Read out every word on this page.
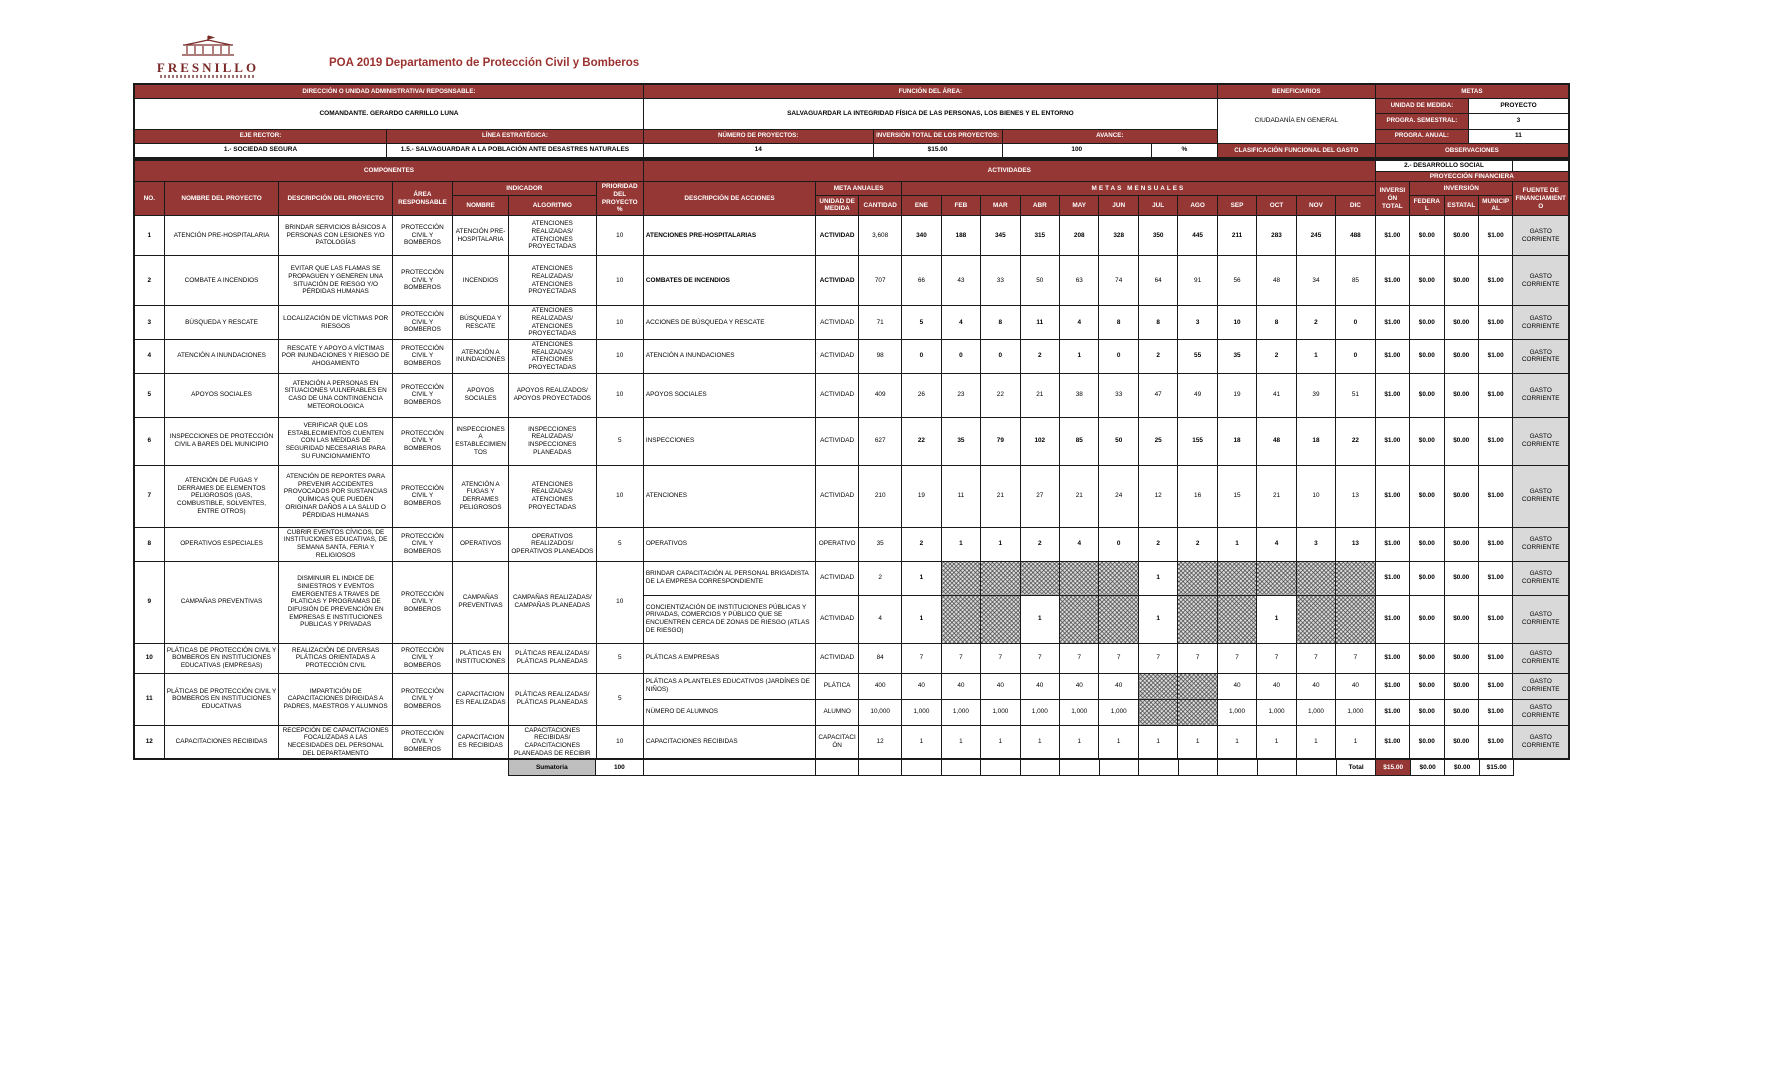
FRESNILLO	POA 2019 Departamento de Protección Civil y Bomberos
DIRECCIÓN O UNIDAD ADMINISTRATIVA/ REPOSNSABLE:		FUNCIÓN DEL ÁREA:				BENEFICIARIOS	METAS	
COMANDANTE. GERARDO CARRILLO LUNA		SALVAGUARDAR LA INTEGRIDAD FÍSICA DE LAS PERSONAS, LOS BIENES Y EL ENTORNO				CIUDADANÍA EN GENERAL	UNIDAD DE MEDIDA:	PROYECTO
							PROGRA. SEMESTRAL:	3
EJE RECTOR:	LÍNEA ESTRATÉGICA:	NÚMERO DE PROYECTOS:	INVERSIÓN TOTAL DE LOS PROYECTOS:	AVANCE:			PROGRA. ANUAL:	11
1.- SOCIEDAD SEGURA	1.5.- SALVAGUARDAR A LA POBLACIÓN ANTE DESASTRES NATURALES	14	$15.00	100	%	CLASIFICACIÓN FUNCIONAL DEL GASTO	OBSERVACIONES	
COMPONENTES							ACTIVIDADES															2.- DESARROLLO SOCIAL				
																						PROYECCIÓN FINANCIERA				
NO.	NOMBRE DEL PROYECTO	DESCRIPCIÓN DEL PROYECTO	ÁREA RESPONSABLE	INDICADOR		PRIORIDAD DEL PROYECTO %	DESCRIPCIÓN DE ACCIONES	META ANUALES		METAS MENSUALES												INVERSIÓN TOTAL	INVERSIÓN			FUENTE DE FINANCIAMIENTO
				NOMBRE	ALGORITMO			UNIDAD DE MEDIDA	CANTIDAD	ENE	FEB	MAR	ABR	MAY	JUN	JUL	AGO	SEP	OCT	NOV	DIC		FEDERAL	ESTATAL	MUNICIPAL	
1	ATENCIÓN PRE-HOSPITALARIA	BRINDAR SERVICIOS BÁSICOS A PERSONAS CON LESIONES Y/O PATOLOGÍAS	PROTECCIÓN CIVIL Y BOMBEROS	ATENCIÓN PRE-HOSPITALARIA	ATENCIONES REALIZADAS/ ATENCIONES PROYECTADAS	10	ATENCIONES PRE-HOSPITALARIAS	ACTIVIDAD	3,608	340	188	345	315	208	328	350	445	211	283	245	488	$1.00	$0.00	$0.00	$1.00	GASTO CORRIENTE
2	COMBATE A INCENDIOS	EVITAR QUE LAS FLAMAS SE PROPAGUEN Y GENEREN UNA SITUACIÓN DE RIESGO Y/O PÉRDIDAS HUMANAS	PROTECCIÓN CIVIL Y BOMBEROS	INCENDIOS	ATENCIONES REALIZADAS/ ATENCIONES PROYECTADAS	10	COMBATES DE INCENDIOS	ACTIVIDAD	707	66	43	33	50	63	74	64	91	56	48	34	85	$1.00	$0.00	$0.00	$1.00	GASTO CORRIENTE
3	BÚSQUEDA Y RESCATE	LOCALIZACIÓN DE VÍCTIMAS POR RIESGOS	PROTECCIÓN CIVIL Y BOMBEROS	BÚSQUEDA Y RESCATE	ATENCIONES REALIZADAS/ ATENCIONES PROYECTADAS	10	ACCIONES DE BÚSQUEDA Y RESCATE	ACTIVIDAD	71	5	4	8	11	4	8	8	3	10	8	2	0	$1.00	$0.00	$0.00	$1.00	GASTO CORRIENTE
4	ATENCIÓN A INUNDACIONES	RESCATE Y APOYO A VÍCTIMAS POR INUNDACIONES Y RIESGO DE AHOGAMIENTO	PROTECCIÓN CIVIL Y BOMBEROS	ATENCIÓN A INUNDACIONES	ATENCIONES REALIZADAS/ ATENCIONES PROYECTADAS	10	ATENCIÓN A INUNDACIONES	ACTIVIDAD	98	0	0	0	2	1	0	2	55	35	2	1	0	$1.00	$0.00	$0.00	$1.00	GASTO CORRIENTE
5	APOYOS SOCIALES	ATENCIÓN A PERSONAS EN SITUACIONES VULNERABLES EN CASO DE UNA CONTINGENCIA METEOROLOGICA	PROTECCIÓN CIVIL Y BOMBEROS	APOYOS SOCIALES	APOYOS REALIZADOS/ APOYOS PROYECTADOS	10	APOYOS SOCIALES	ACTIVIDAD	409	26	23	22	21	38	33	47	49	19	41	39	51	$1.00	$0.00	$0.00	$1.00	GASTO CORRIENTE
6	INSPECCIONES DE PROTECCIÓN CIVIL A BARES DEL MUNICIPIO	VERIFICAR QUE LOS ESTABLECIMIENTOS CUENTEN CON LAS MEDIDAS DE SEGURIDAD NECESARIAS PARA SU FUNCIONAMIENTO	PROTECCIÓN CIVIL Y BOMBEROS	INSPECCIONES A ESTABLECIMIENTOS	INSPECCIONES REALIZADAS/ INSPECCIONES PLANEADAS	5	INSPECCIONES	ACTIVIDAD	627	22	35	79	102	85	50	25	155	18	48	18	22	$1.00	$0.00	$0.00	$1.00	GASTO CORRIENTE
7	ATENCIÓN DE FUGAS Y DERRAMES DE ELEMENTOS PELIGROSOS (GAS, COMBUSTIBLE, SOLVENTES, ENTRE OTROS)	ATENCIÓN DE REPORTES PARA PREVENIR ACCIDENTES PROVOCADOS POR SUSTANCIAS QUÍMICAS QUE PUEDEN ORIGINAR DAÑOS A LA SALUD O PÉRDIDAS HUMANAS	PROTECCIÓN CIVIL Y BOMBEROS	ATENCIÓN A FUGAS Y DERRAMES PELIGROSOS	ATENCIONES REALIZADAS/ ATENCIONES PROYECTADAS	10	ATENCIONES	ACTIVIDAD	210	19	11	21	27	21	24	12	16	15	21	10	13	$1.00	$0.00	$0.00	$1.00	GASTO CORRIENTE
8	OPERATIVOS ESPECIALES	CUBRIR EVENTOS CÍVICOS, DE INSTITUCIONES EDUCATIVAS, DE SEMANA SANTA, FERIA Y RELIGIOSOS	PROTECCIÓN CIVIL Y BOMBEROS	OPERATIVOS	OPERATIVOS REALIZADOS/ OPERATIVOS PLANEADOS	5	OPERATIVOS	OPERATIVO	35	2	1	1	2	4	0	2	2	1	4	3	13	$1.00	$0.00	$0.00	$1.00	GASTO CORRIENTE
9	CAMPAÑAS PREVENTIVAS	DISMINUIR EL INDICE DE SINIESTROS Y EVENTOS EMERGENTES A TRAVES DE PLATICAS Y PROGRAMAS DE DIFUSIÓN DE PREVENCIÓN EN EMPRESAS E INSTITUCIONES PUBLICAS Y PRIVADAS	PROTECCIÓN CIVIL Y BOMBEROS	CAMPAÑAS PREVENTIVAS	CAMPAÑAS REALIZADAS/ CAMPAÑAS PLANEADAS	10	BRINDAR CAPACITACIÓN AL PERSONAL BRIGADISTA DE LA EMPRESA CORRESPONDIENTE	ACTIVIDAD	2	1						1						$1.00	$0.00	$0.00	$1.00	GASTO CORRIENTE
							CONCIENTIZACIÓN DE INSTITUCIONES PÚBLICAS Y PRIVADAS, COMERCIOS Y PÚBLICO QUE SE ENCUENTREN CERCA DE ZONAS DE RIESGO (ATLAS DE RIESGO)	ACTIVIDAD	4	1			1			1			1			$1.00	$0.00	$0.00	$1.00	GASTO CORRIENTE
10	PLÁTICAS DE PROTECCIÓN CIVIL Y BOMBEROS EN INSTITUCIONES EDUCATIVAS (EMPRESAS)	REALIZACIÓN DE DIVERSAS PLÁTICAS ORIENTADAS A PROTECCIÓN CIVIL	PROTECCIÓN CIVIL Y BOMBEROS	PLÁTICAS EN INSTITUCIONES	PLÁTICAS REALIZADAS/ PLÁTICAS PLANEADAS	5	PLÁTICAS A EMPRESAS	ACTIVIDAD	84	7	7	7	7	7	7	7	7	7	7	7	7	$1.00	$0.00	$0.00	$1.00	GASTO CORRIENTE
11	PLÁTICAS DE PROTECCIÓN CIVIL Y BOMBEROS EN INSTITUCIONES EDUCATIVAS	IMPARTICIÓN DE CAPACITACIONES DIRIGIDAS A PADRES, MAESTROS Y ALUMNOS	PROTECCIÓN CIVIL Y BOMBEROS	CAPACITACIONES REALIZADAS	PLÁTICAS REALIZADAS/ PLÁTICAS PLANEADAS	5	PLÁTICAS A PLANTELES EDUCATIVOS (JARDÍNES DE NIÑOS)	PLÁTICA	400	40	40	40	40	40	40			40	40	40	40	$1.00	$0.00	$0.00	$1.00	GASTO CORRIENTE
							NÚMERO DE ALUMNOS	ALUMNO	10,000	1,000	1,000	1,000	1,000	1,000	1,000			1,000	1,000	1,000	1,000	$1.00	$0.00	$0.00	$1.00	GASTO CORRIENTE
12	CAPACITACIONES RECIBIDAS	RECEPCIÓN DE CAPACITACIONES FOCALIZADAS A LAS NECESIDADES DEL PERSONAL DEL DEPARTAMENTO	PROTECCIÓN CIVIL Y BOMBEROS	CAPACITACIONES RECIBIDAS	CAPACITACIONES RECIBIDAS/ CAPACITACIONES PLANEADAS DE RECIBIR	10	CAPACITACIONES RECIBIDAS	CAPACITACIÓN	12	1	1	1	1	1	1	1	1	1	1	1	1	$1.00	$0.00	$0.00	$1.00	GASTO CORRIENTE
	Sumatoria	100															Total	$15.00	$0.00	$0.00	$15.00	
